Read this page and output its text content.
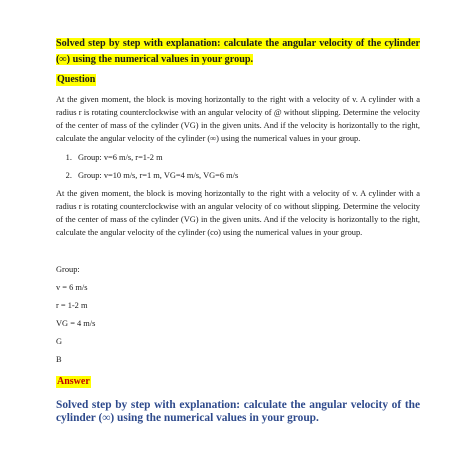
Solved step by step with explanation: calculate the angular velocity of the cylinder (∞) using the numerical values in your group.

Question

At the given moment, the block is moving horizontally to the right with a velocity of v. A cylinder with a radius r is rotating counterclockwise with an angular velocity of @ without slipping. Determine the velocity of the center of mass of the cylinder (VG) in the given units. And if the velocity is horizontally to the right, calculate the angular velocity of the cylinder (∞) using the numerical values in your group.

1. Group: v=6 m/s, r=1-2 m
2. Group: v=10 m/s, r=1 m, VG=4 m/s, VG=6 m/s

At the given moment, the block is moving horizontally to the right with a velocity of v. A cylinder with a radius r is rotating counterclockwise with an angular velocity of co without slipping. Determine the velocity of the center of mass of the cylinder (VG) in the given units. And if the velocity is horizontally to the right, calculate the angular velocity of the cylinder (co) using the numerical values in your group.

Group:
v = 6 m/s
r = 1-2 m
VG = 4 m/s
G
B
Answer

Solved step by step with explanation: calculate the angular velocity of the cylinder (∞) using the numerical values in your group.
